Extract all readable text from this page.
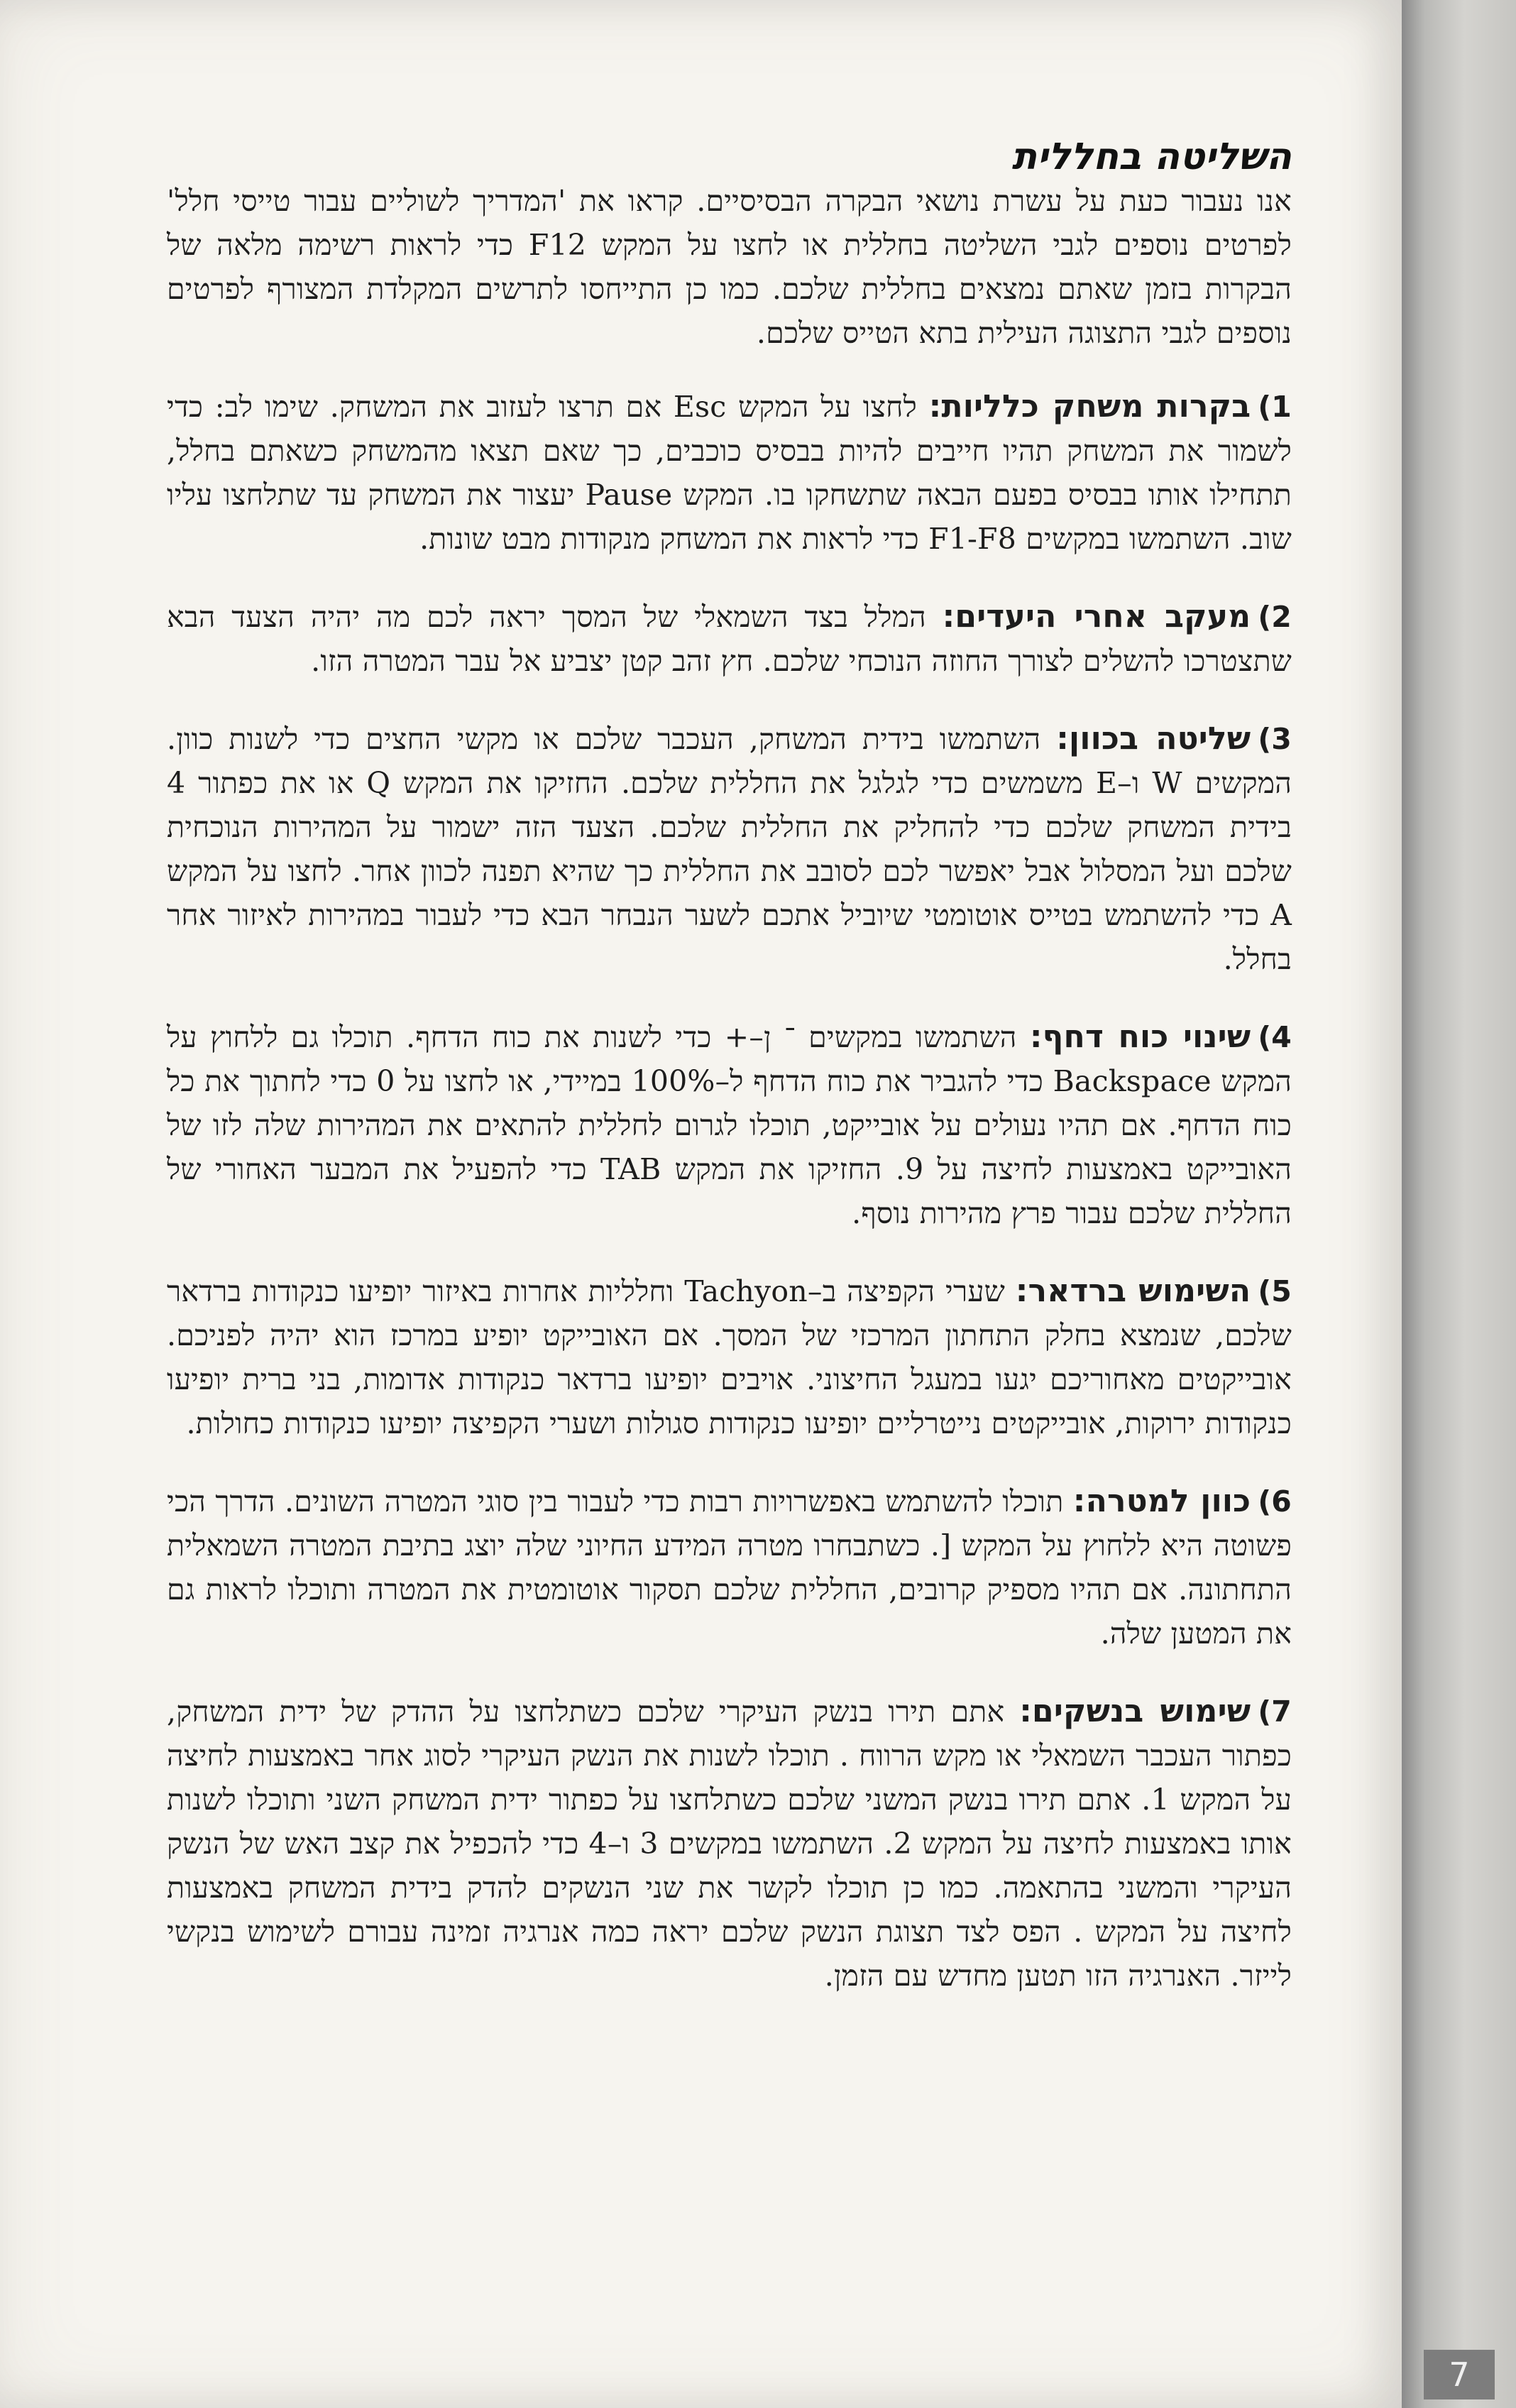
השליטה בחללית

אנו נעבור כעת על עשרת נושאי הבקרה הבסיסיים. קראו את 'המדריך לשוליים עבור טייסי חלל' לפרטים נוספים לגבי השליטה בחללית או לחצו על המקש F12 כדי לראות רשימה מלאה של הבקרות בזמן שאתם נמצאים בחללית שלכם. כמו כן התייחסו לתרשים המקלדת המצורף לפרטים נוספים לגבי התצוגה העילית בתא הטייס שלכם.

1)בקרות משחק כלליות: לחצו על המקש Esc אם תרצו לעזוב את המשחק. שימו לב: כדי לשמור את המשחק תהיו חייבים להיות בבסיס כוכבים, כך שאם תצאו מהמשחק כשאתם בחלל, תתחילו אותו בבסיס בפעם הבאה שתשחקו בו. המקש Pause יעצור את המשחק עד שתלחצו עליו שוב. השתמשו במקשים F1-F8 כדי לראות את המשחק מנקודות מבט שונות.

2)מעקב אחרי היעדים: המלל בצד השמאלי של המסך יראה לכם מה יהיה הצעד הבא שתצטרכו להשלים לצורך החוזה הנוכחי שלכם. חץ זהב קטן יצביע אל עבר המטרה הזו.

3)שליטה בכוון: השתמשו בידית המשחק, העכבר שלכם או מקשי החצים כדי לשנות כוון. המקשים W ו–E משמשים כדי לגלגל את החללית שלכם. החזיקו את המקש Q או את כפתור 4 בידית המשחק שלכם כדי להחליק את החללית שלכם. הצעד הזה ישמור על המהירות הנוכחית שלכם ועל המסלול אבל יאפשר לכם לסובב את החללית כך שהיא תפנה לכוון אחר. לחצו על המקש A כדי להשתמש בטייס אוטומטי שיוביל אתכם לשער הנבחר הבא כדי לעבור במהירות לאיזור אחר בחלל.

4)שינוי כוח דחף: השתמשו במקשים ־ ן–+ כדי לשנות את כוח הדחף. תוכלו גם ללחוץ על המקש Backspace כדי להגביר את כוח הדחף ל–100% במיידי, או לחצו על 0 כדי לחתוך את כל כוח הדחף. אם תהיו נעולים על אובייקט, תוכלו לגרום לחללית להתאים את המהירות שלה לזו של האובייקט באמצעות לחיצה על 9. החזיקו את המקש TAB כדי להפעיל את המבער האחורי של החללית שלכם עבור פרץ מהירות נוסף.

5)השימוש ברדאר: שערי הקפיצה ב–Tachyon וחלליות אחרות באיזור יופיעו כנקודות ברדאר שלכם, שנמצא בחלק התחתון המרכזי של המסך. אם האובייקט יופיע במרכז הוא יהיה לפניכם. אובייקטים מאחוריכם יגעו במעגל החיצוני. אויבים יופיעו ברדאר כנקודות אדומות, בני ברית יופיעו כנקודות ירוקות, אובייקטים נייטרליים יופיעו כנקודות סגולות ושערי הקפיצה יופיעו כנקודות כחולות.

6)כוון למטרה: תוכלו להשתמש באפשרויות רבות כדי לעבור בין סוגי המטרה השונים. הדרך הכי פשוטה היא ללחוץ על המקש [. כשתבחרו מטרה המידע החיוני שלה יוצג בתיבת המטרה השמאלית התחתונה. אם תהיו מספיק קרובים, החללית שלכם תסקור אוטומטית את המטרה ותוכלו לראות גם את המטען שלה.

7)שימוש בנשקים: אתם תירו בנשק העיקרי שלכם כשתלחצו על ההדק של ידית המשחק, כפתור העכבר השמאלי או מקש הרווח . תוכלו לשנות את הנשק העיקרי לסוג אחר באמצעות לחיצה על המקש 1. אתם תירו בנשק המשני שלכם כשתלחצו על כפתור ידית המשחק השני ותוכלו לשנות אותו באמצעות לחיצה על המקש 2. השתמשו במקשים 3 ו–4 כדי להכפיל את קצב האש של הנשק העיקרי והמשני בהתאמה. כמו כן תוכלו לקשר את שני הנשקים להדק בידית המשחק באמצעות לחיצה על המקש . הפס לצד תצוגת הנשק שלכם יראה כמה אנרגיה זמינה עבורם לשימוש בנקשי לייזר. האנרגיה הזו תטען מחדש עם הזמן.

7
